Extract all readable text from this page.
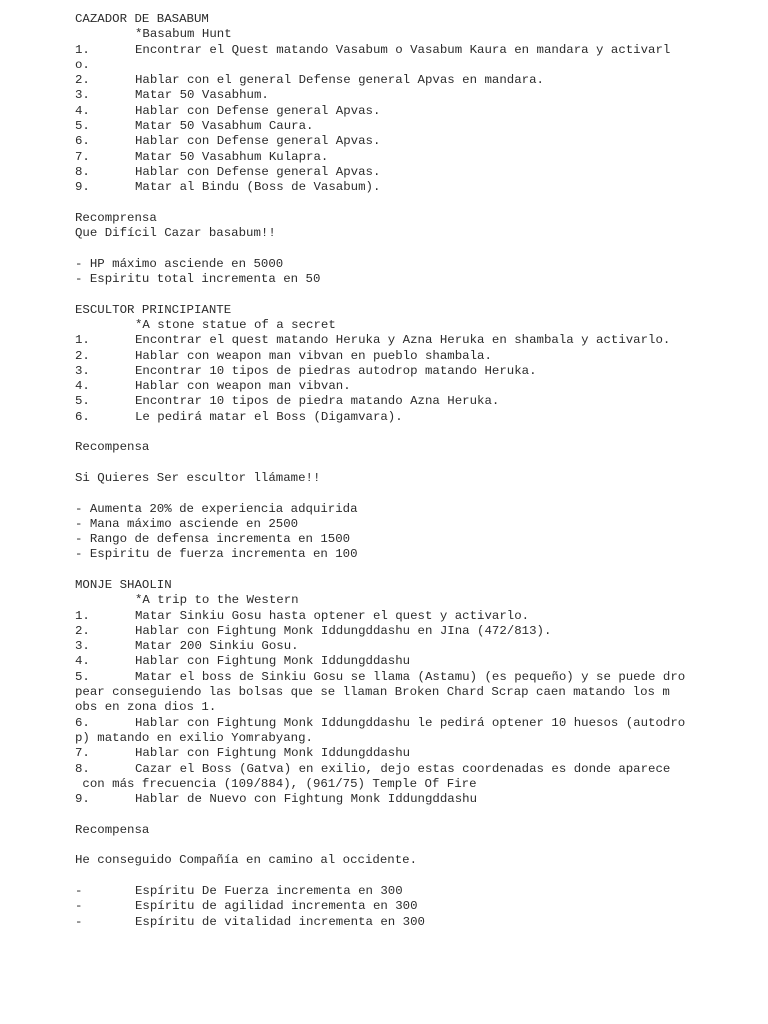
CAZADOR DE BASABUM
*Basabum Hunt
1.	Encontrar el Quest matando Vasabum o Vasabum Kaura en mandara y activarl
o.
2.	Hablar con el general Defense general Apvas en mandara.
3.	Matar 50 Vasabhum.
4.	Hablar con Defense general Apvas.
5.	Matar 50 Vasabhum Caura.
6.	Hablar con Defense general Apvas.
7.	Matar 50 Vasabhum Kulapra.
8.	Hablar con Defense general Apvas.
9.	Matar al Bindu (Boss de Vasabum).
Recomprensa
Que Difícil Cazar basabum!!
- HP máximo asciende en 5000
- Espiritu total incrementa en 50
ESCULTOR PRINCIPIANTE
*A stone statue of a secret
1.	Encontrar el quest matando Heruka y Azna Heruka en shambala y activarlo.
2.	Hablar con weapon man vibvan en pueblo shambala.
3.	Encontrar 10 tipos de piedras autodrop matando Heruka.
4.	Hablar con weapon man vibvan.
5.	Encontrar 10 tipos de piedra matando Azna Heruka.
6.	Le pedirá matar el Boss (Digamvara).
Recompensa
Si Quieres Ser escultor llámame!!
- Aumenta 20% de experiencia adquirida
- Mana máximo asciende en 2500
- Rango de defensa incrementa en 1500
- Espiritu de fuerza incrementa en 100
MONJE SHAOLIN
*A trip to the Western
1.	Matar Sinkiu Gosu hasta optener el quest y activarlo.
2.	Hablar con Fightung Monk Iddungddashu en JIna (472/813).
3.	Matar 200 Sinkiu Gosu.
4.	Hablar con Fightung Monk Iddungddashu
5.	Matar el boss de Sinkiu Gosu se llama (Astamu) (es pequeño) y se puede dro
pear conseguiendo las bolsas que se llaman Broken Chard Scrap caen matando los m
obs en zona dios 1.
6.	Hablar con Fightung Monk Iddungddashu le pedirá optener 10 huesos (autodro
p) matando en exilio Yomrabyang.
7.	Hablar con Fightung Monk Iddungddashu
8.	Cazar el Boss (Gatva) en exilio, dejo estas coordenadas es donde aparece
con más frecuencia (109/884), (961/75) Temple Of Fire
9.	Hablar de Nuevo con Fightung Monk Iddungddashu
Recompensa
He conseguido Compañía en camino al occidente.
-	Espíritu De Fuerza incrementa en 300
-	Espíritu de agilidad incrementa en 300
-	Espíritu de vitalidad incrementa en 300
